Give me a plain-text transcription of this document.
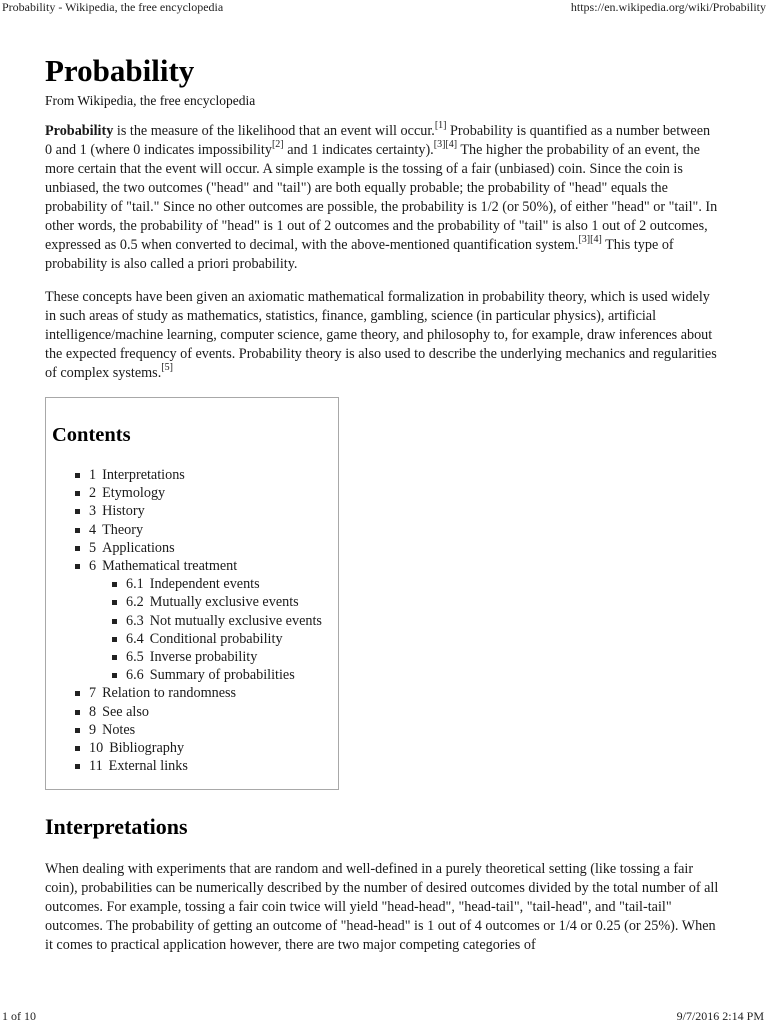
Probability - Wikipedia, the free encyclopedia	https://en.wikipedia.org/wiki/Probability
Probability
From Wikipedia, the free encyclopedia

Probability is the measure of the likelihood that an event will occur.[1] Probability is quantified as a number between 0 and 1 (where 0 indicates impossibility[2] and 1 indicates certainty).[3][4] The higher the probability of an event, the more certain that the event will occur. A simple example is the tossing of a fair (unbiased) coin. Since the coin is unbiased, the two outcomes ("head" and "tail") are both equally probable; the probability of "head" equals the probability of "tail." Since no other outcomes are possible, the probability is 1/2 (or 50%), of either "head" or "tail". In other words, the probability of "head" is 1 out of 2 outcomes and the probability of "tail" is also 1 out of 2 outcomes, expressed as 0.5 when converted to decimal, with the above-mentioned quantification system.[3][4] This type of probability is also called a priori probability.

These concepts have been given an axiomatic mathematical formalization in probability theory, which is used widely in such areas of study as mathematics, statistics, finance, gambling, science (in particular physics), artificial intelligence/machine learning, computer science, game theory, and philosophy to, for example, draw inferences about the expected frequency of events. Probability theory is also used to describe the underlying mechanics and regularities of complex systems.[5]

Contents
1 Interpretations
2 Etymology
3 History
4 Theory
5 Applications
6 Mathematical treatment
6.1 Independent events
6.2 Mutually exclusive events
6.3 Not mutually exclusive events
6.4 Conditional probability
6.5 Inverse probability
6.6 Summary of probabilities
7 Relation to randomness
8 See also
9 Notes
10 Bibliography
11 External links
Interpretations

When dealing with experiments that are random and well-defined in a purely theoretical setting (like tossing a fair coin), probabilities can be numerically described by the number of desired outcomes divided by the total number of all outcomes. For example, tossing a fair coin twice will yield "head-head", "head-tail", "tail-head", and "tail-tail" outcomes. The probability of getting an outcome of "head-head" is 1 out of 4 outcomes or 1/4 or 0.25 (or 25%). When it comes to practical application however, there are two major competing categories of

1 of 10	9/7/2016 2:14 PM
